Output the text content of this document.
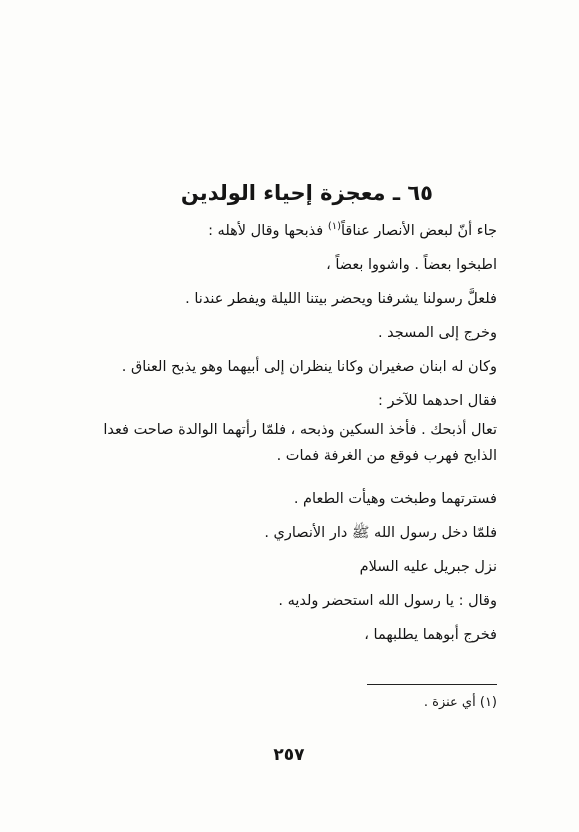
٦٥ ـ معجزة إحياء الولدين
جاء أنّ لبعض الأنصار عناقاً$^{(١)}$ فذبحها وقال لأهله :
اطبخوا بعضاً . واشووا بعضاً ،
فلعلَّ رسولنا يشرفنا ويحضر بيتنا الليلة ويفطر عندنا .
وخرج إلى المسجد .
وكان له ابنان صغيران وكانا ينظران إلى أبيهما وهو يذبح العناق .
فقال احدهما للآخر :
تعال أذبحك . فأخذ السكين وذبحه ، فلمّا رأتهما الوالدة صاحت فعدا
الذابح فهرب فوقع من الغرفة فمات .
فسترتهما وطبخت وهيأت الطعام .
فلمّا دخل رسول الله ﷺ دار الأنصاري .
نزل جبريل عليه السلام
وقال : يا رسول الله استحضر ولديه .
فخرج أبوهما يطلبهما ،
(١) أي عنزة .
٢٥٧
